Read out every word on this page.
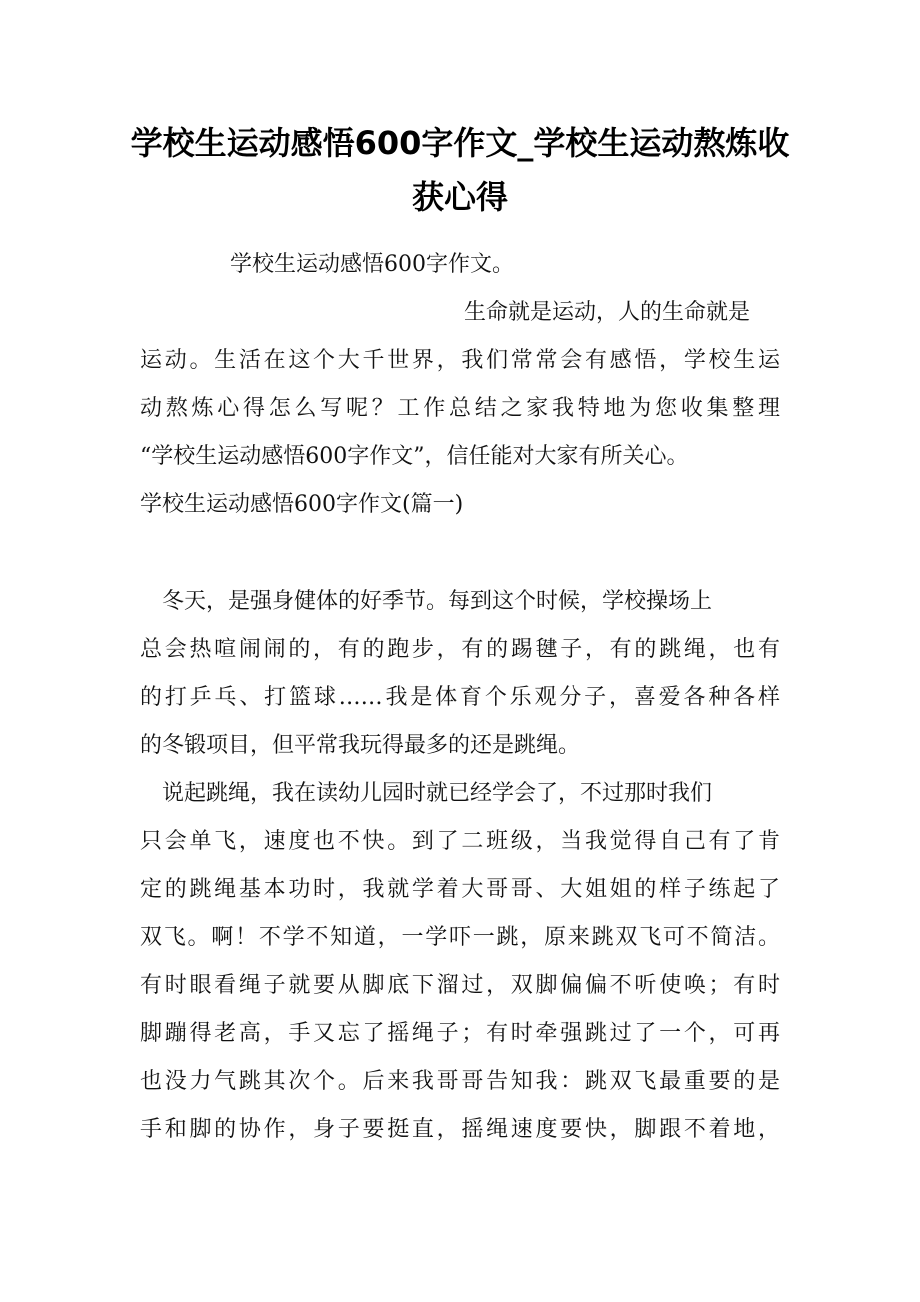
学校生运动感悟600字作文_学校生运动熬炼收获心得

学校生运动感悟600字作文。

生命就是运动，人的生命就是

运动。生活在这个大千世界，我们常常会有感悟，学校生运

动熬炼心得怎么写呢？工作总结之家我特地为您收集整理

“学校生运动感悟600字作文”，信任能对大家有所关心。

学校生运动感悟600字作文(篇一)

冬天，是强身健体的好季节。每到这个时候，学校操场上

总会热喧闹闹的，有的跑步，有的踢毽子，有的跳绳，也有

的打乒乓、打篮球……我是体育个乐观分子，喜爱各种各样

的冬锻项目，但平常我玩得最多的还是跳绳。

说起跳绳，我在读幼儿园时就已经学会了，不过那时我们

只会单飞，速度也不快。到了二班级，当我觉得自己有了肯

定的跳绳基本功时，我就学着大哥哥、大姐姐的样子练起了

双飞。啊！不学不知道，一学吓一跳，原来跳双飞可不简洁。

有时眼看绳子就要从脚底下溜过，双脚偏偏不听使唤；有时

脚蹦得老高，手又忘了摇绳子；有时牵强跳过了一个，可再

也没力气跳其次个。后来我哥哥告知我：跳双飞最重要的是

手和脚的协作，身子要挺直，摇绳速度要快，脚跟不着地，
